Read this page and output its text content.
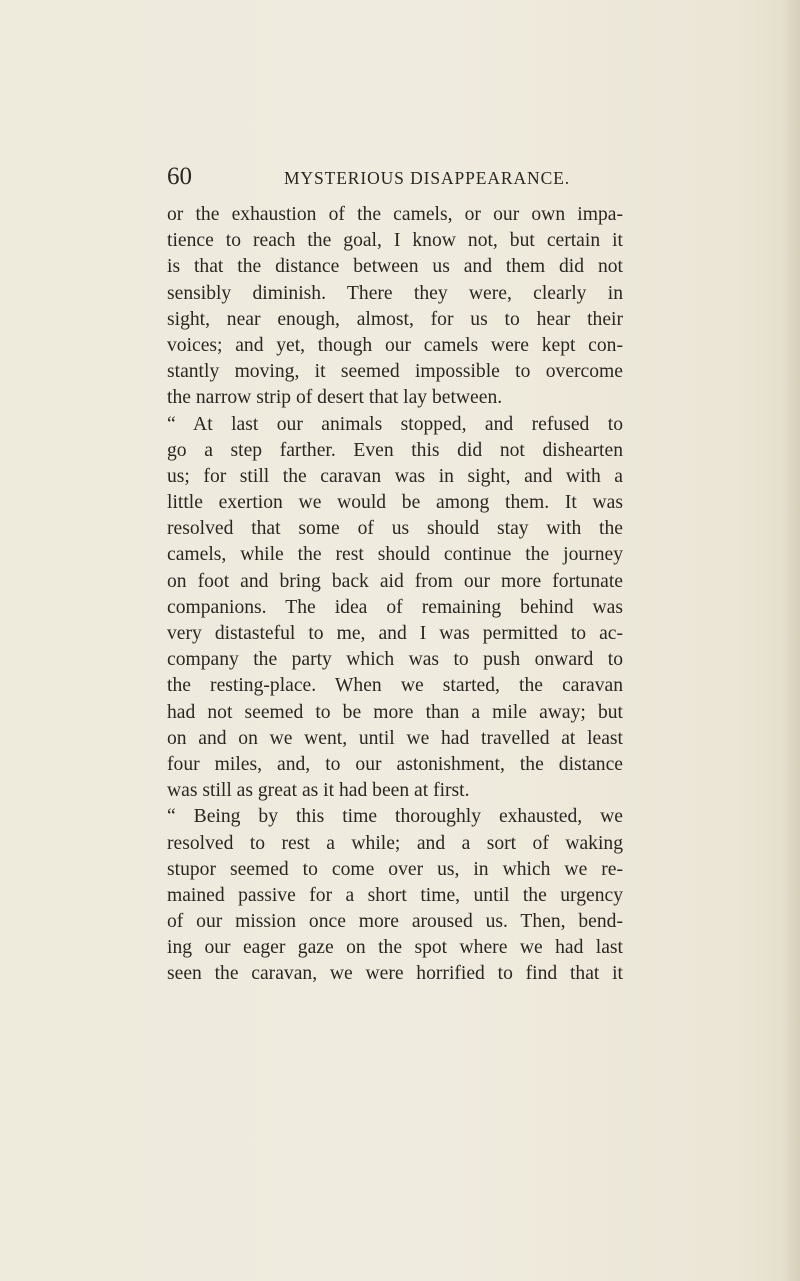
60	MYSTERIOUS DISAPPEARANCE.
or the exhaustion of the camels, or our own impa-
tience to reach the goal, I know not, but certain it
is that the distance between us and them did not
sensibly diminish. There they were, clearly in
sight, near enough, almost, for us to hear their
voices; and yet, though our camels were kept con-
stantly moving, it seemed impossible to overcome
the narrow strip of desert that lay between.
“ At last our animals stopped, and refused to
go a step farther. Even this did not dishearten
us; for still the caravan was in sight, and with a
little exertion we would be among them. It was
resolved that some of us should stay with the
camels, while the rest should continue the journey
on foot and bring back aid from our more fortunate
companions. The idea of remaining behind was
very distasteful to me, and I was permitted to ac-
company the party which was to push onward to
the resting-place. When we started, the caravan
had not seemed to be more than a mile away; but
on and on we went, until we had travelled at least
four miles, and, to our astonishment, the distance
was still as great as it had been at first.
“ Being by this time thoroughly exhausted, we
resolved to rest a while; and a sort of waking
stupor seemed to come over us, in which we re-
mained passive for a short time, until the urgency
of our mission once more aroused us. Then, bend-
ing our eager gaze on the spot where we had last
seen the caravan, we were horrified to find that it
